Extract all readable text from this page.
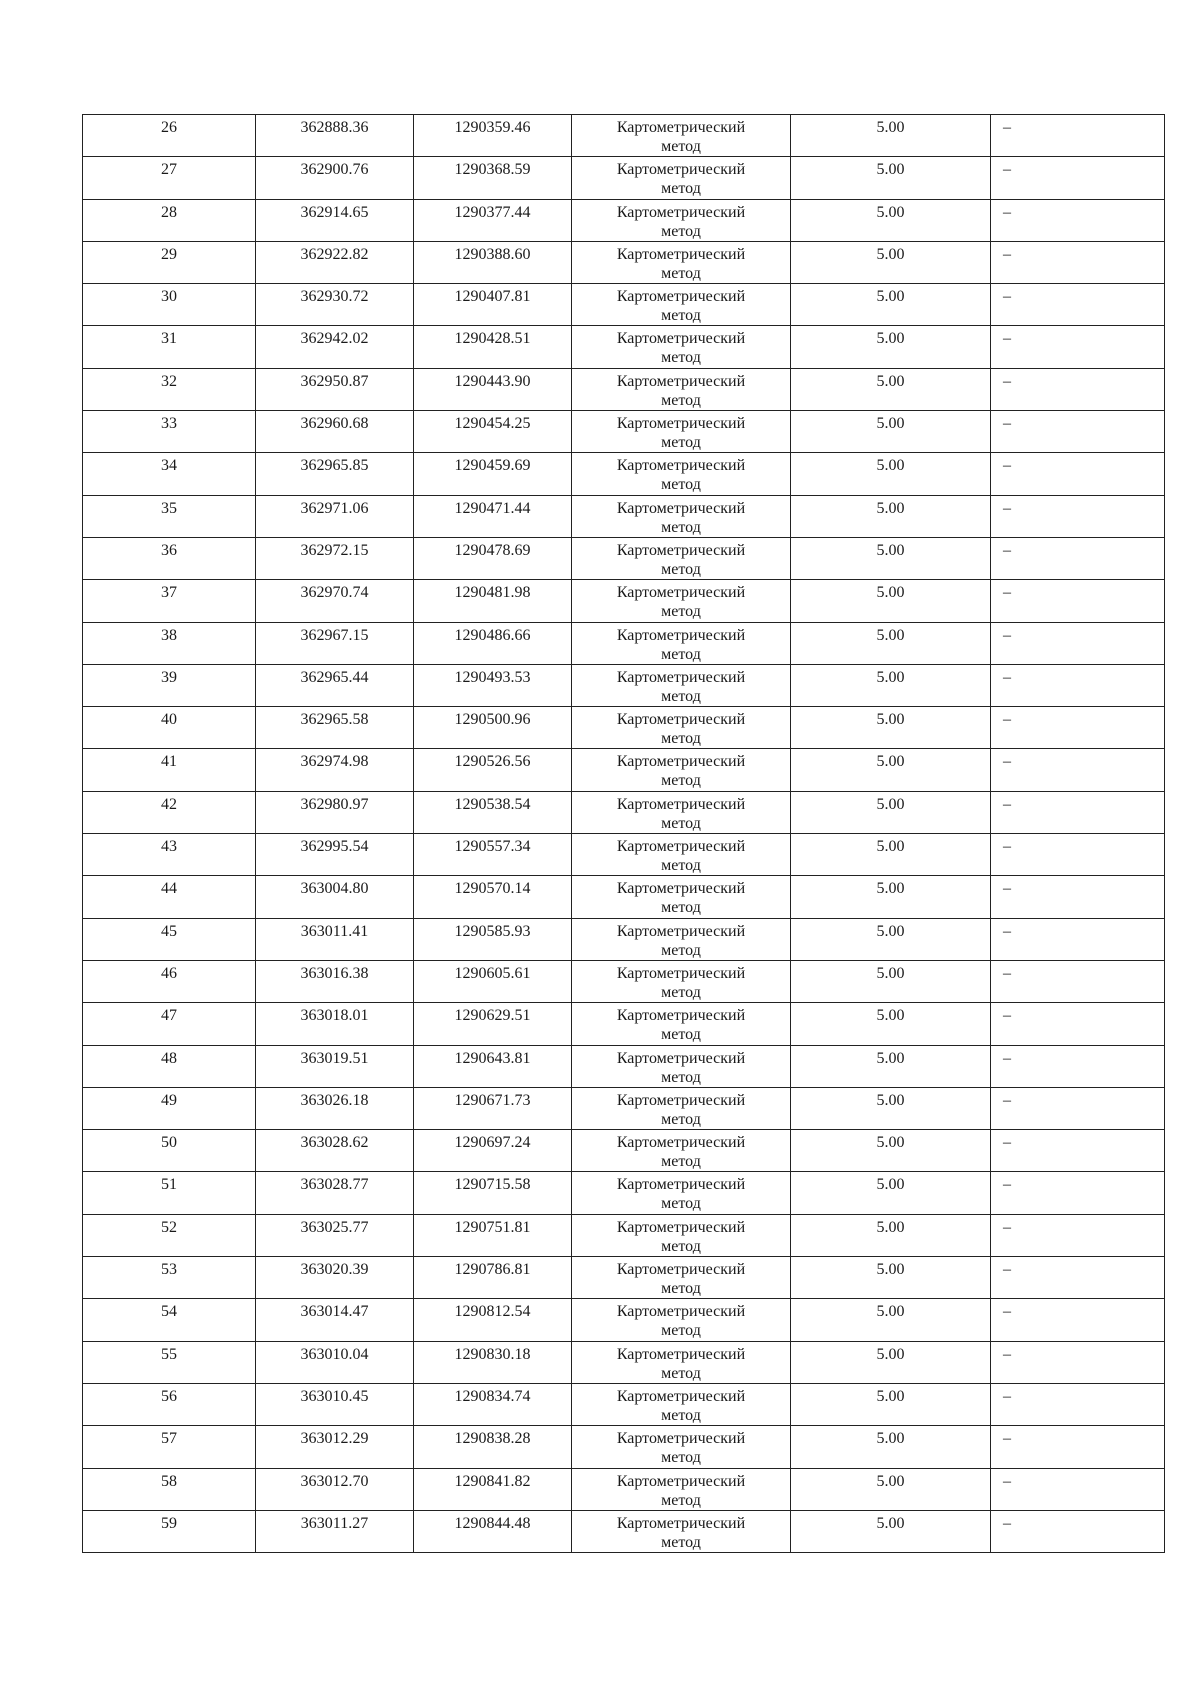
26	362888.36	1290359.46	Картометрический
метод	5.00	–

27	362900.76	1290368.59	Картометрический
метод	5.00	–

28	362914.65	1290377.44	Картометрический
метод	5.00	–

29	362922.82	1290388.60	Картометрический
метод	5.00	–

30	362930.72	1290407.81	Картометрический
метод	5.00	–

31	362942.02	1290428.51	Картометрический
метод	5.00	–

32	362950.87	1290443.90	Картометрический
метод	5.00	–

33	362960.68	1290454.25	Картометрический
метод	5.00	–

34	362965.85	1290459.69	Картометрический
метод	5.00	–

35	362971.06	1290471.44	Картометрический
метод	5.00	–

36	362972.15	1290478.69	Картометрический
метод	5.00	–

37	362970.74	1290481.98	Картометрический
метод	5.00	–

38	362967.15	1290486.66	Картометрический
метод	5.00	–

39	362965.44	1290493.53	Картометрический
метод	5.00	–

40	362965.58	1290500.96	Картометрический
метод	5.00	–

41	362974.98	1290526.56	Картометрический
метод	5.00	–

42	362980.97	1290538.54	Картометрический
метод	5.00	–

43	362995.54	1290557.34	Картометрический
метод	5.00	–

44	363004.80	1290570.14	Картометрический
метод	5.00	–

45	363011.41	1290585.93	Картометрический
метод	5.00	–

46	363016.38	1290605.61	Картометрический
метод	5.00	–

47	363018.01	1290629.51	Картометрический
метод	5.00	–

48	363019.51	1290643.81	Картометрический
метод	5.00	–

49	363026.18	1290671.73	Картометрический
метод	5.00	–

50	363028.62	1290697.24	Картометрический
метод	5.00	–

51	363028.77	1290715.58	Картометрический
метод	5.00	–

52	363025.77	1290751.81	Картометрический
метод	5.00	–

53	363020.39	1290786.81	Картометрический
метод	5.00	–

54	363014.47	1290812.54	Картометрический
метод	5.00	–

55	363010.04	1290830.18	Картометрический
метод	5.00	–

56	363010.45	1290834.74	Картометрический
метод	5.00	–

57	363012.29	1290838.28	Картометрический
метод	5.00	–

58	363012.70	1290841.82	Картометрический
метод	5.00	–

59	363011.27	1290844.48	Картометрический
метод	5.00	–
